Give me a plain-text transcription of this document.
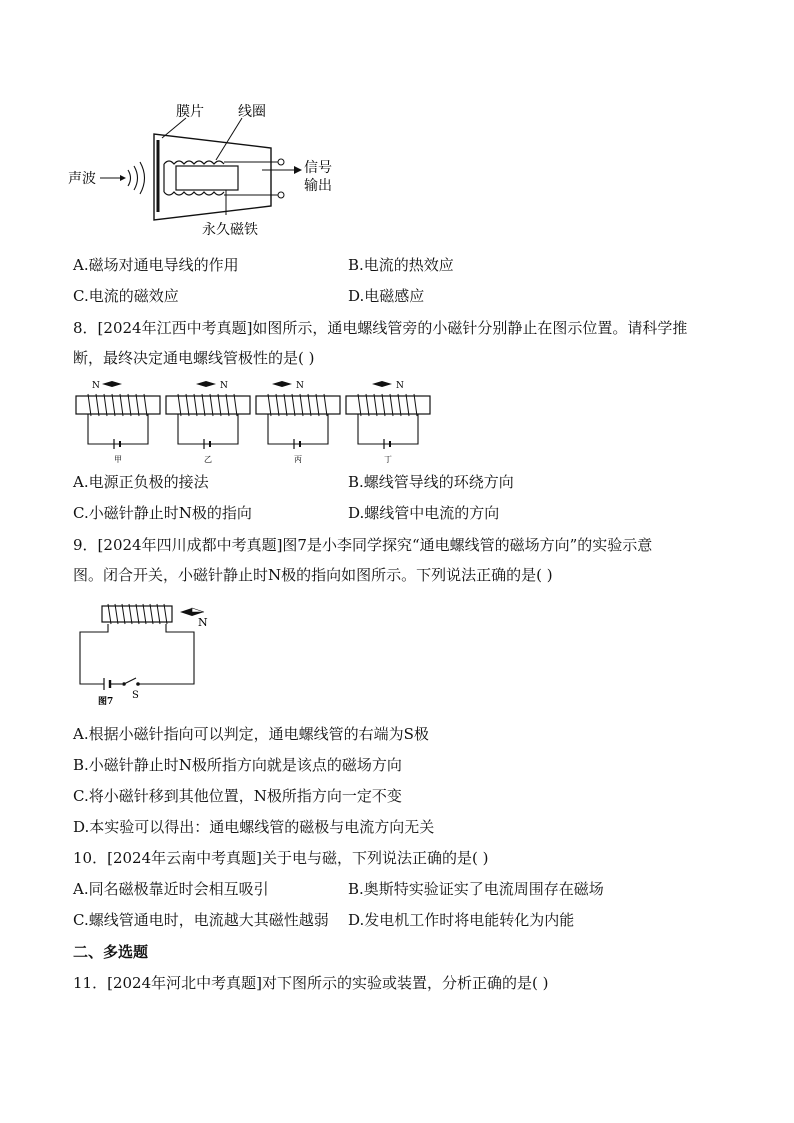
膜片 线圈
声波
信号
输出
永久磁铁
A.磁场对通电导线的作用	B.电流的热效应
C.电流的磁效应	D.电磁感应
8．[2024年江西中考真题]如图所示，通电螺线管旁的小磁针分别静止在图示位置。请科学推
断，最终决定通电螺线管极性的是( )
N	N	N	N
甲	乙	丙	丁
A.电源正负极的接法	B.螺线管导线的环绕方向
C.小磁针静止时N极的指向	D.螺线管中电流的方向
9．[2024年四川成都中考真题]图7是小李同学探究“通电螺线管的磁场方向”的实验示意
图。闭合开关，小磁针静止时N极的指向如图所示。下列说法正确的是( )
N
S
图7
A.根据小磁针指向可以判定，通电螺线管的右端为S极
B.小磁针静止时N极所指方向就是该点的磁场方向
C.将小磁针移到其他位置，N极所指方向一定不变
D.本实验可以得出：通电螺线管的磁极与电流方向无关
10．[2024年云南中考真题]关于电与磁，下列说法正确的是( )
A.同名磁极靠近时会相互吸引	B.奥斯特实验证实了电流周围存在磁场
C.螺线管通电时，电流越大其磁性越弱 D.发电机工作时将电能转化为内能
二、多选题
11．[2024年河北中考真题]对下图所示的实验或装置，分析正确的是( )
